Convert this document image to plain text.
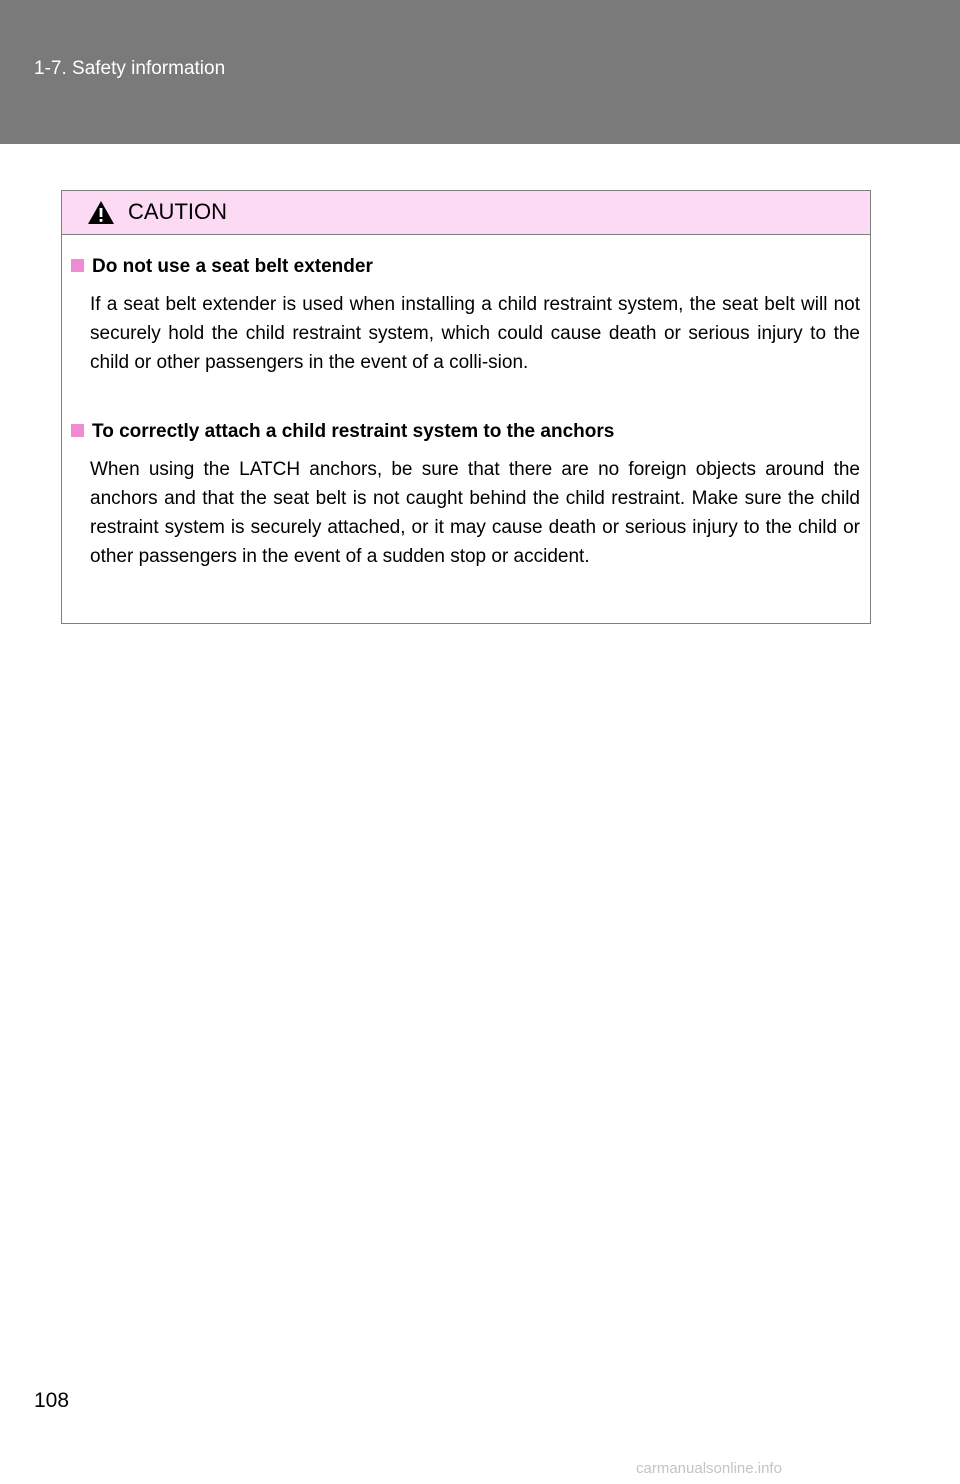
1-7. Safety information
CAUTION
Do not use a seat belt extender
If a seat belt extender is used when installing a child restraint system, the seat belt will not securely hold the child restraint system, which could cause death or serious injury to the child or other passengers in the event of a colli-sion.
To correctly attach a child restraint system to the anchors
When using the LATCH anchors, be sure that there are no foreign objects around the anchors and that the seat belt is not caught behind the child restraint. Make sure the child restraint system is securely attached, or it may cause death or serious injury to the child or other passengers in the event of a sudden stop or accident.
108
carmanualsonline.info
